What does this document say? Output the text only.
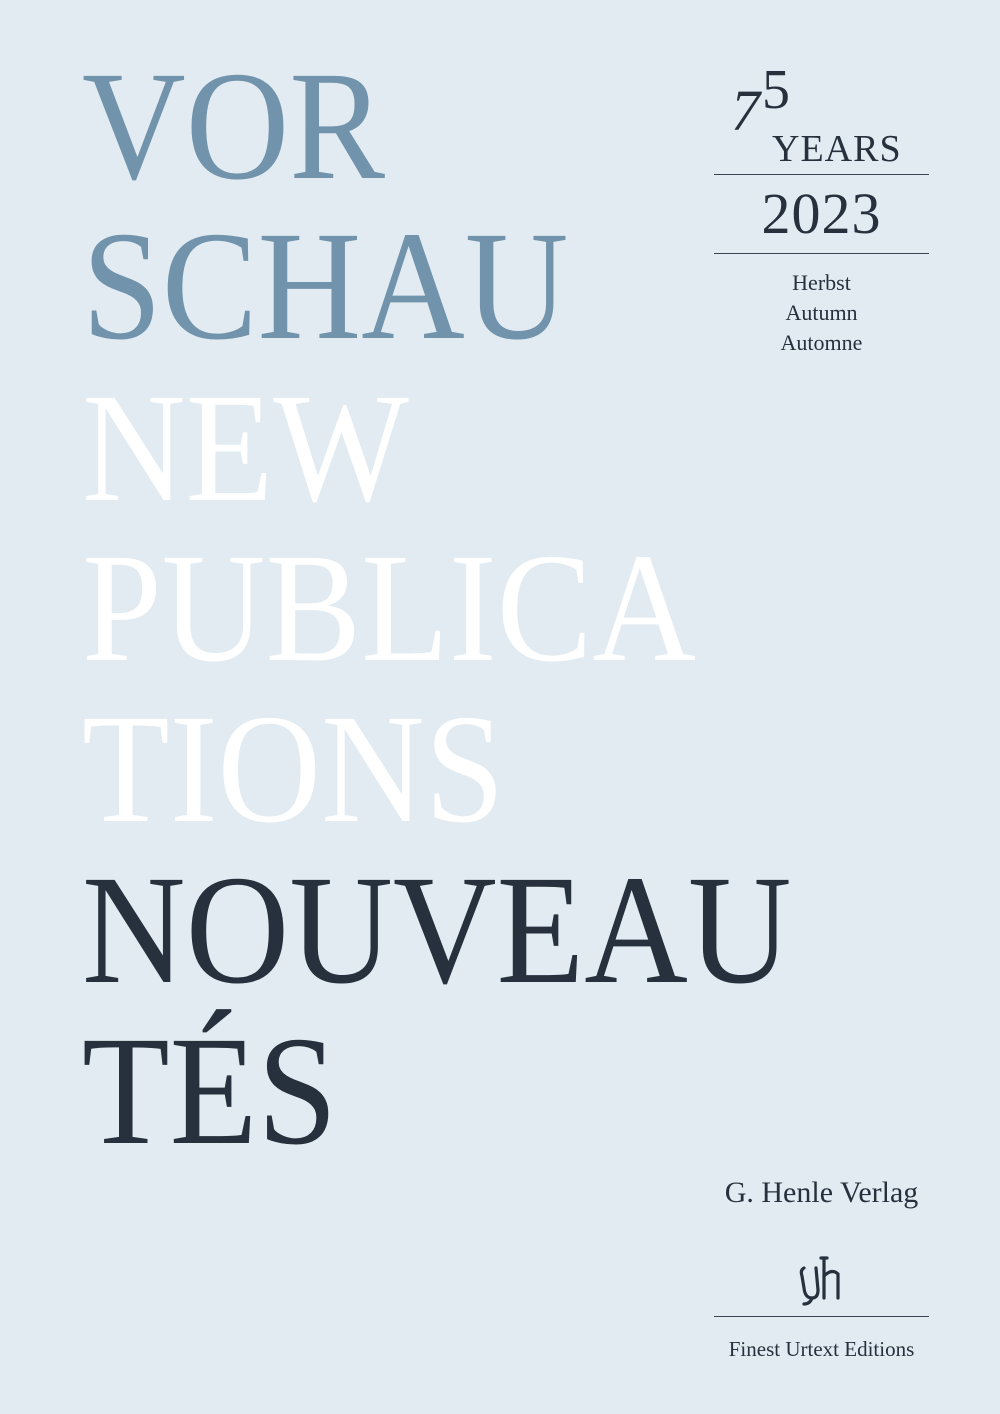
VOR
SCHAU
NEW
PUBLICA
TIONS
NOUVEAU
TÉS
7 5
YEARS
2023
Herbst
Autumn
Automne
G. Henle Verlag
Finest Urtext Editions
